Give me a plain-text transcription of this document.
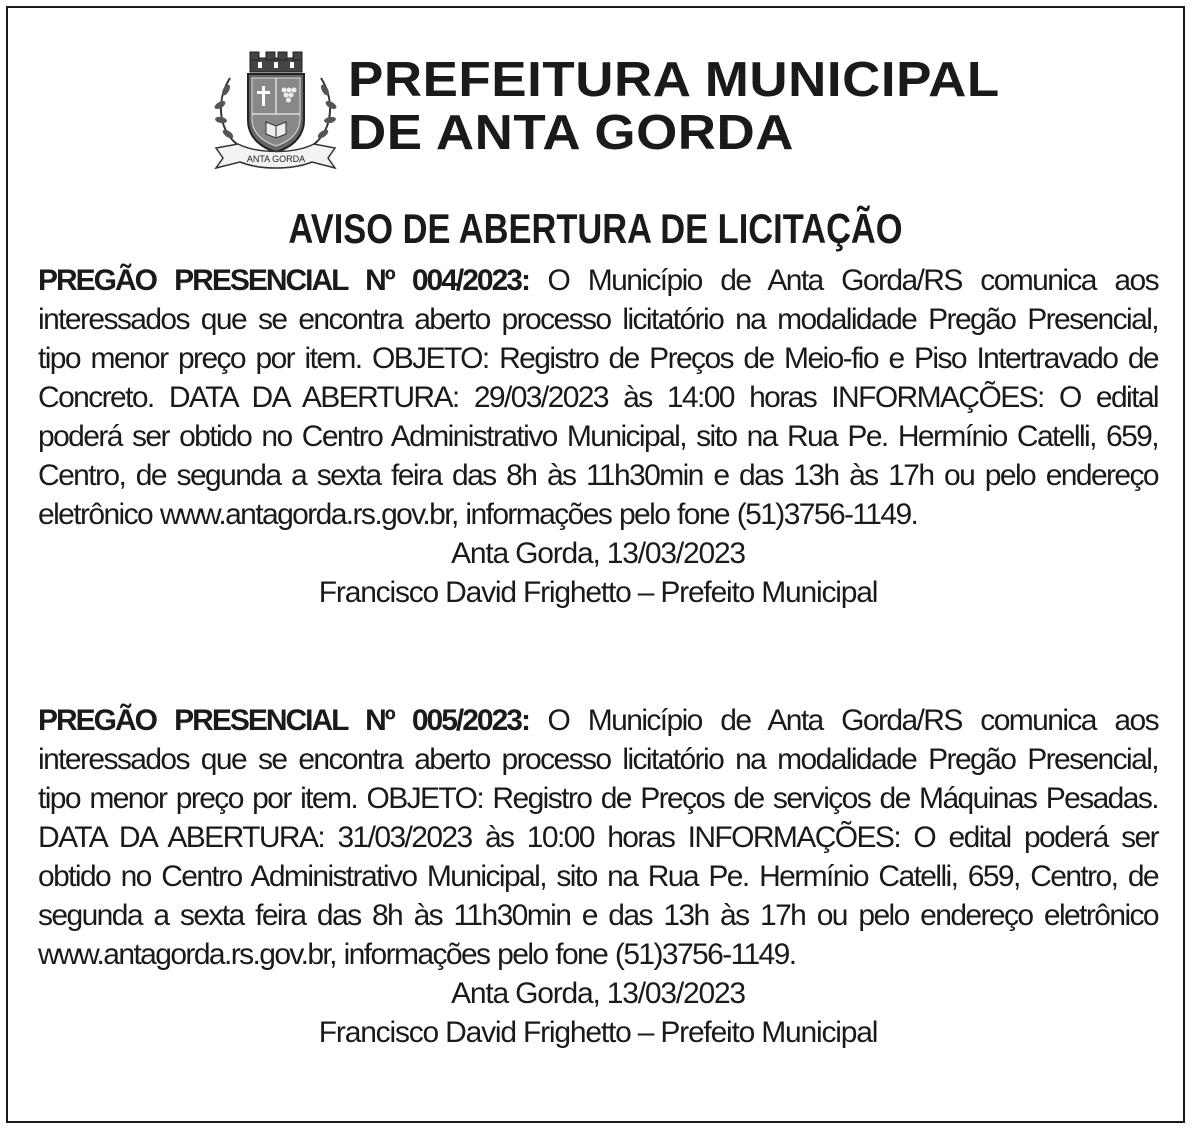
ANTA GORDA
PREFEITURA MUNICIPAL
DE ANTA GORDA
AVISO DE ABERTURA DE LICITAÇÃO
PREGÃO PRESENCIAL Nº 004/2023: O Município de Anta Gorda/RS comunica aos interessados que se encontra aberto processo licitatório na modalidade Pregão Presencial, tipo menor preço por item. OBJETO: Registro de Preços de Meio-fio e Piso Intertravado de Concreto. DATA DA ABERTURA: 29/03/2023 às 14:00 horas INFORMAÇÕES: O edital poderá ser obtido no Centro Administrativo Municipal, sito na Rua Pe. Hermínio Catelli, 659, Centro, de segunda a sexta feira das 8h às 11h30min e das 13h às 17h ou pelo endereço eletrônico www.antagorda.rs.gov.br, informações pelo fone (51)3756-1149.
Anta Gorda, 13/03/2023
Francisco David Frighetto – Prefeito Municipal
PREGÃO PRESENCIAL Nº 005/2023: O Município de Anta Gorda/RS comunica aos interessados que se encontra aberto processo licitatório na modalidade Pregão Presencial, tipo menor preço por item. OBJETO: Registro de Preços de serviços de Máquinas Pesadas. DATA DA ABERTURA: 31/03/2023 às 10:00 horas INFORMAÇÕES: O edital poderá ser obtido no Centro Administrativo Municipal, sito na Rua Pe. Hermínio Catelli, 659, Centro, de segunda a sexta feira das 8h às 11h30min e das 13h às 17h ou pelo endereço eletrônico www.antagorda.rs.gov.br, informações pelo fone (51)3756-1149.
Anta Gorda, 13/03/2023
Francisco David Frighetto – Prefeito Municipal
